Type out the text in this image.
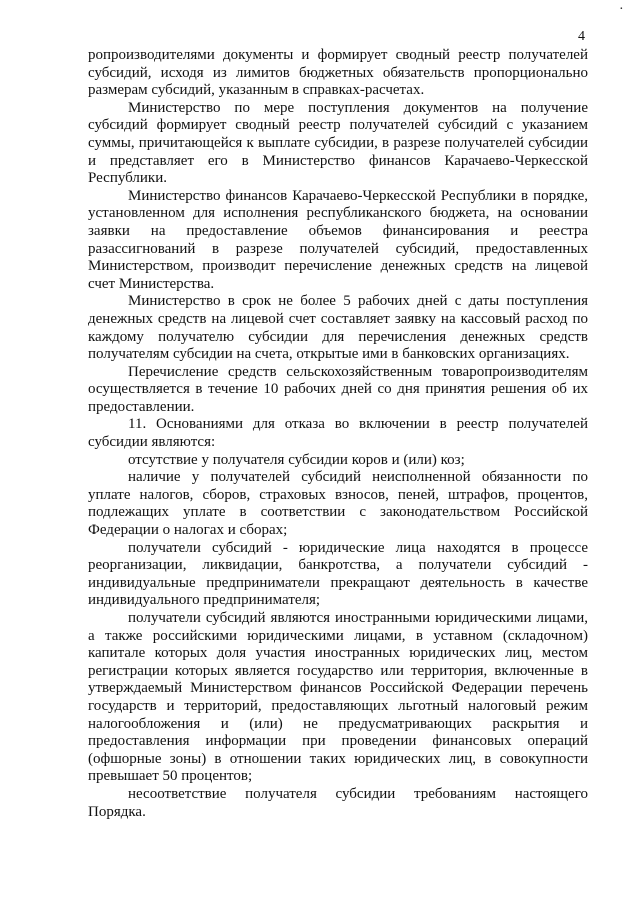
·
4

ропроизводителями документы и формирует сводный реестр получателей субсидий, исходя из лимитов бюджетных обязательств пропорционально размерам субсидий, указанным в справках-расчетах.

Министерство по мере поступления документов на получение субсидий формирует сводный реестр получателей субсидий с указанием суммы, причитающейся к выплате субсидии, в разрезе получателей субсидии и представляет его в Министерство финансов Карачаево-Черкесской Республики.

Министерство финансов Карачаево-Черкесской Республики в порядке, установленном для исполнения республиканского бюджета, на основании заявки на предоставление объемов финансирования и реестра разассигнований в разрезе получателей субсидий, предоставленных Министерством, производит перечисление денежных средств на лицевой счет Министерства.

Министерство в срок не более 5 рабочих дней с даты поступления денежных средств на лицевой счет составляет заявку на кассовый расход по каждому получателю субсидии для перечисления денежных средств получателям субсидии на счета, открытые ими в банковских организациях.

Перечисление средств сельскохозяйственным товаропроизводителям осуществляется в течение 10 рабочих дней со дня принятия решения об их предоставлении.

11. Основаниями для отказа во включении в реестр получателей субсидии являются:

отсутствие у получателя субсидии коров и (или) коз;

наличие у получателей субсидий неисполненной обязанности по уплате налогов, сборов, страховых взносов, пеней, штрафов, процентов, подлежащих уплате в соответствии с законодательством Российской Федерации о налогах и сборах;

получатели субсидий - юридические лица находятся в процессе реорганизации, ликвидации, банкротства, а получатели субсидий - индивидуальные предприниматели прекращают деятельность в качестве индивидуального предпринимателя;

получатели субсидий являются иностранными юридическими лицами, а также российскими юридическими лицами, в уставном (складочном) капитале которых доля участия иностранных юридических лиц, местом регистрации которых является государство или территория, включенные в утверждаемый Министерством финансов Российской Федерации перечень государств и территорий, предоставляющих льготный налоговый режим налогообложения и (или) не предусматривающих раскрытия и предоставления информации при проведении финансовых операций (офшорные зоны) в отношении таких юридических лиц, в совокупности превышает 50 процентов;

несоответствие получателя субсидии требованиям настоящего Порядка.
